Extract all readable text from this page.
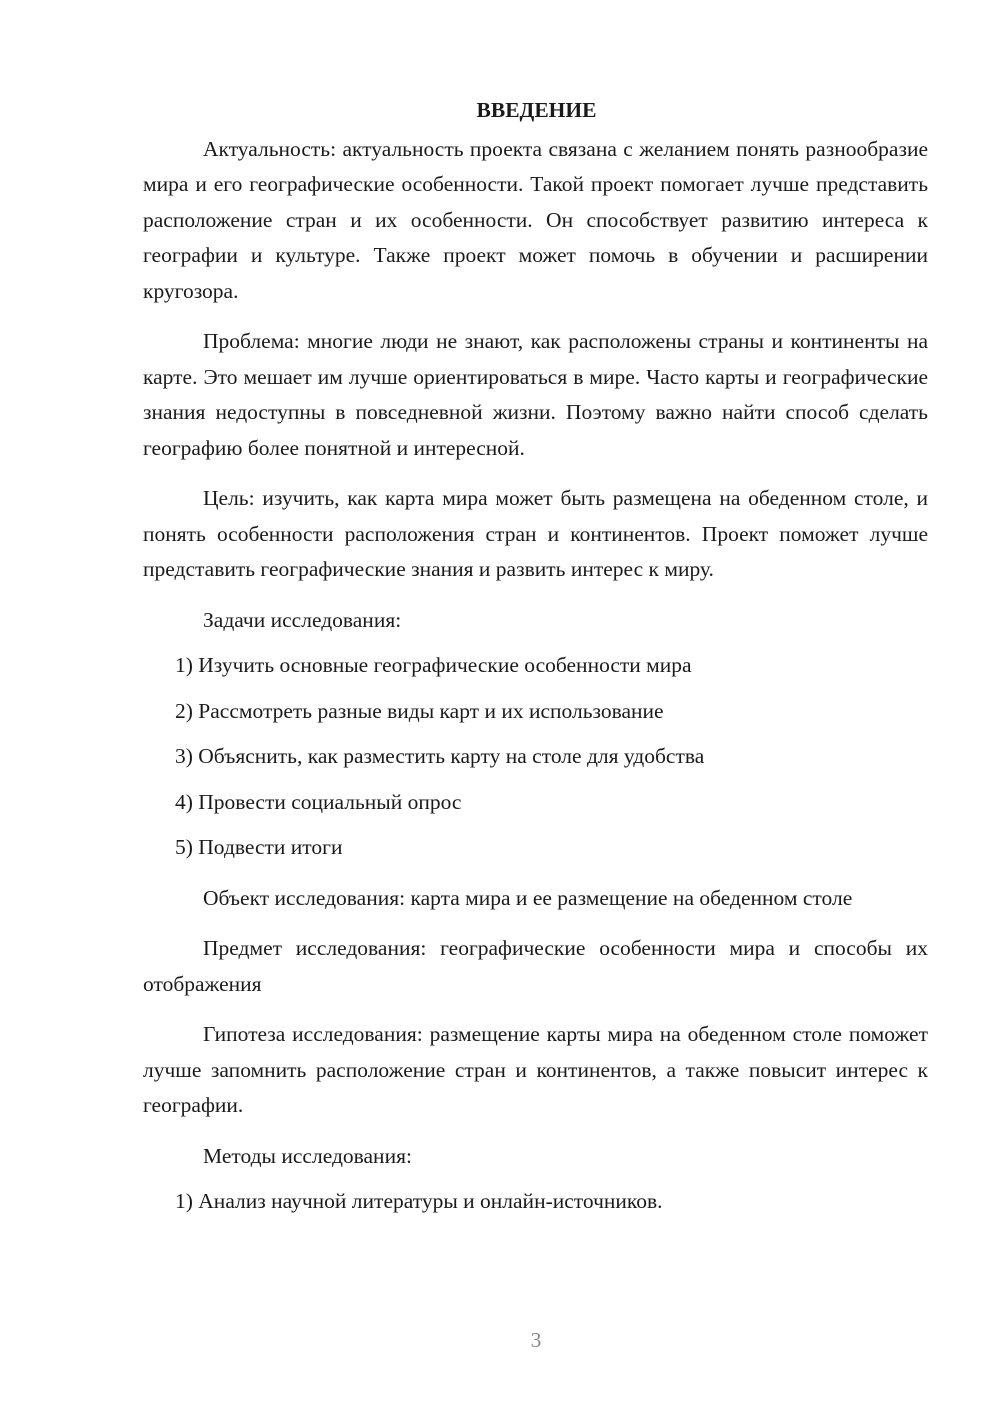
ВВЕДЕНИЕ

Актуальность: актуальность проекта связана с желанием понять разнообразие мира и его географические особенности. Такой проект помогает лучше представить расположение стран и их особенности. Он способствует развитию интереса к географии и культуре. Также проект может помочь в обучении и расширении кругозора.

Проблема: многие люди не знают, как расположены страны и континенты на карте. Это мешает им лучше ориентироваться в мире. Часто карты и географические знания недоступны в повседневной жизни. Поэтому важно найти способ сделать географию более понятной и интересной.

Цель: изучить, как карта мира может быть размещена на обеденном столе, и понять особенности расположения стран и континентов. Проект поможет лучше представить географические знания и развить интерес к миру.

Задачи исследования:

1) Изучить основные географические особенности мира
2) Рассмотреть разные виды карт и их использование
3) Объяснить, как разместить карту на столе для удобства
4) Провести социальный опрос
5) Подвести итоги

Объект исследования: карта мира и ее размещение на обеденном столе

Предмет исследования: географические особенности мира и способы их отображения

Гипотеза исследования: размещение карты мира на обеденном столе поможет лучше запомнить расположение стран и континентов, а также повысит интерес к географии.

Методы исследования:

1) Анализ научной литературы и онлайн-источников.
3
